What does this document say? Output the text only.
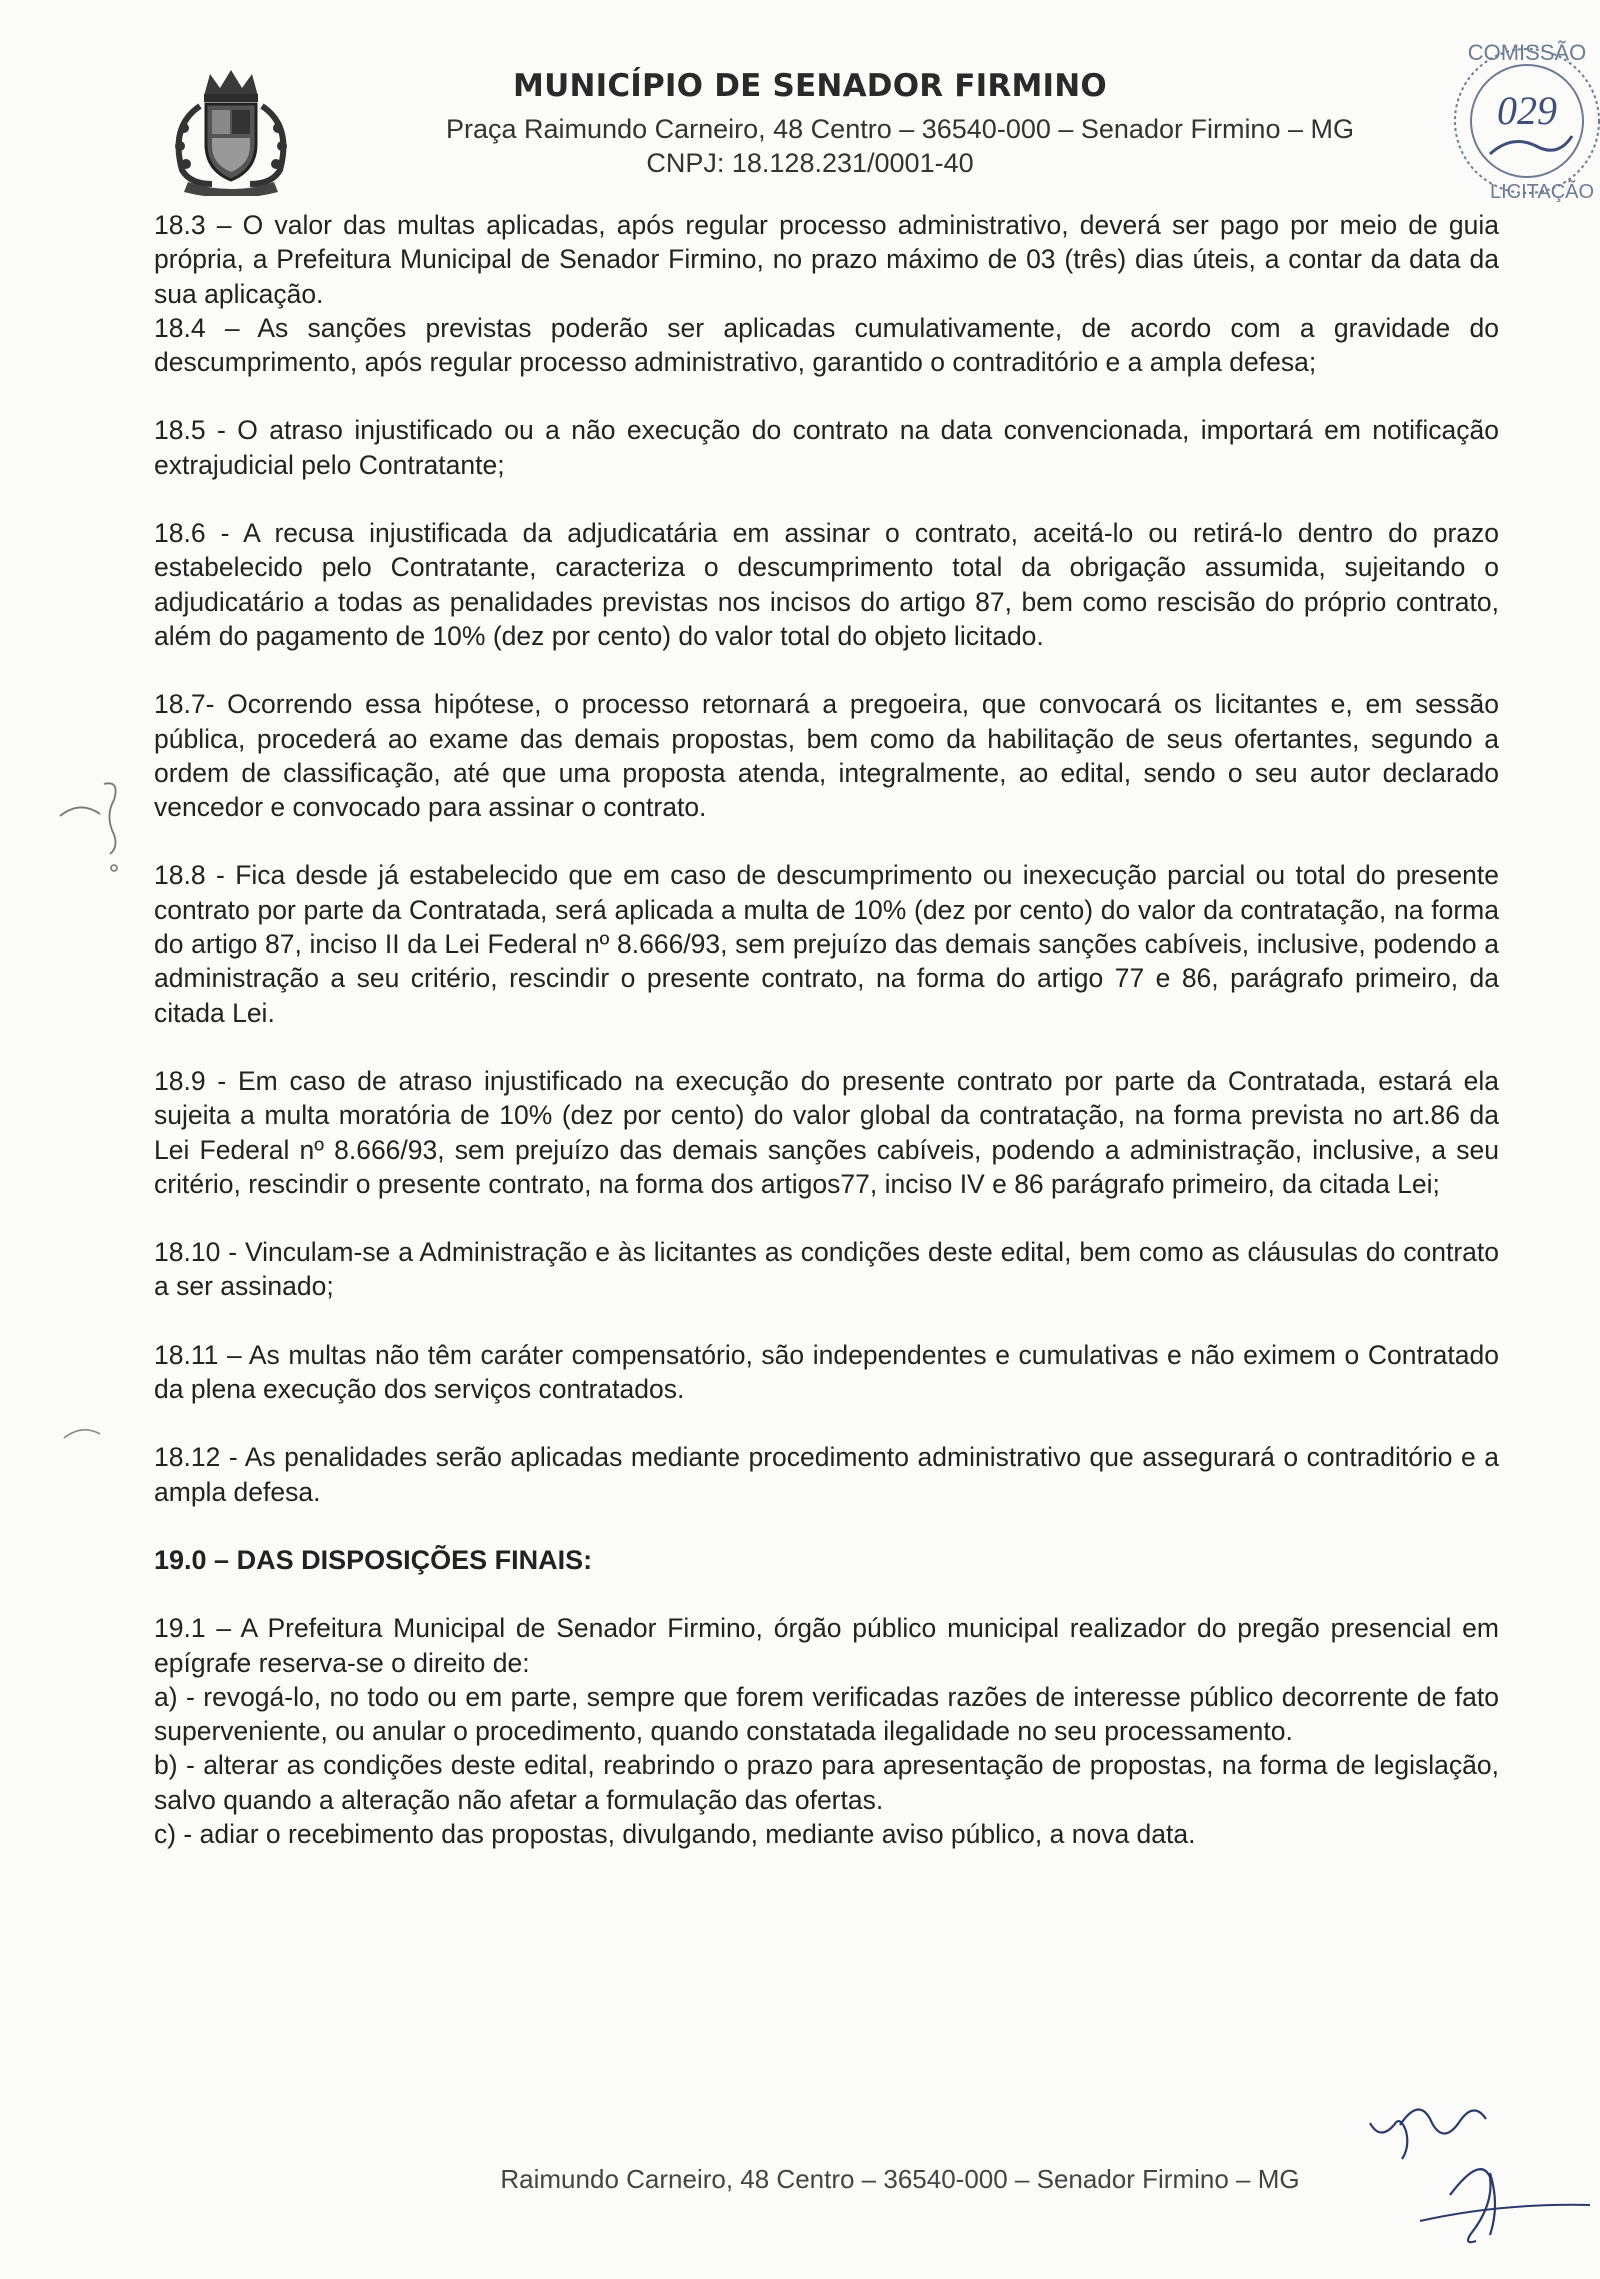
MUNICÍPIO DE SENADOR FIRMINO
Praça Raimundo Carneiro, 48 Centro – 36540-000 – Senador Firmino – MG
CNPJ: 18.128.231/0001-40
COMISSÃO
029
LICITAÇÃO

18.3 – O valor das multas aplicadas, após regular processo administrativo, deverá ser pago por meio de guia própria, a Prefeitura Municipal de Senador Firmino, no prazo máximo de 03 (três) dias úteis, a contar da data da sua aplicação.

18.4 – As sanções previstas poderão ser aplicadas cumulativamente, de acordo com a gravidade do descumprimento, após regular processo administrativo, garantido o contraditório e a ampla defesa;

18.5 - O atraso injustificado ou a não execução do contrato na data convencionada, importará em notificação extrajudicial pelo Contratante;

18.6 - A recusa injustificada da adjudicatária em assinar o contrato, aceitá-lo ou retirá-lo dentro do prazo estabelecido pelo Contratante, caracteriza o descumprimento total da obrigação assumida, sujeitando o adjudicatário a todas as penalidades previstas nos incisos do artigo 87, bem como rescisão do próprio contrato, além do pagamento de 10% (dez por cento) do valor total do objeto licitado.

18.7- Ocorrendo essa hipótese, o processo retornará a pregoeira, que convocará os licitantes e, em sessão pública, procederá ao exame das demais propostas, bem como da habilitação de seus ofertantes, segundo a ordem de classificação, até que uma proposta atenda, integralmente, ao edital, sendo o seu autor declarado vencedor e convocado para assinar o contrato.

18.8 - Fica desde já estabelecido que em caso de descumprimento ou inexecução parcial ou total do presente contrato por parte da Contratada, será aplicada a multa de 10% (dez por cento) do valor da contratação, na forma do artigo 87, inciso II da Lei Federal nº 8.666/93, sem prejuízo das demais sanções cabíveis, inclusive, podendo a administração a seu critério, rescindir o presente contrato, na forma do artigo 77 e 86, parágrafo primeiro, da citada Lei.

18.9 - Em caso de atraso injustificado na execução do presente contrato por parte da Contratada, estará ela sujeita a multa moratória de 10% (dez por cento) do valor global da contratação, na forma prevista no art.86 da Lei Federal nº 8.666/93, sem prejuízo das demais sanções cabíveis, podendo a administração, inclusive, a seu critério, rescindir o presente contrato, na forma dos artigos77, inciso IV e 86 parágrafo primeiro, da citada Lei;

18.10 - Vinculam-se a Administração e às licitantes as condições deste edital, bem como as cláusulas do contrato a ser assinado;

18.11 – As multas não têm caráter compensatório, são independentes e cumulativas e não eximem o Contratado da plena execução dos serviços contratados.

18.12 - As penalidades serão aplicadas mediante procedimento administrativo que assegurará o contraditório e a ampla defesa.

19.0 – DAS DISPOSIÇÕES FINAIS:

19.1 – A Prefeitura Municipal de Senador Firmino, órgão público municipal realizador do pregão presencial em epígrafe reserva-se o direito de:

a) - revogá-lo, no todo ou em parte, sempre que forem verificadas razões de interesse público decorrente de fato superveniente, ou anular o procedimento, quando constatada ilegalidade no seu processamento.

b) - alterar as condições deste edital, reabrindo o prazo para apresentação de propostas, na forma de legislação, salvo quando a alteração não afetar a formulação das ofertas.

c) - adiar o recebimento das propostas, divulgando, mediante aviso público, a nova data.

Raimundo Carneiro, 48 Centro – 36540-000 – Senador Firmino – MG
